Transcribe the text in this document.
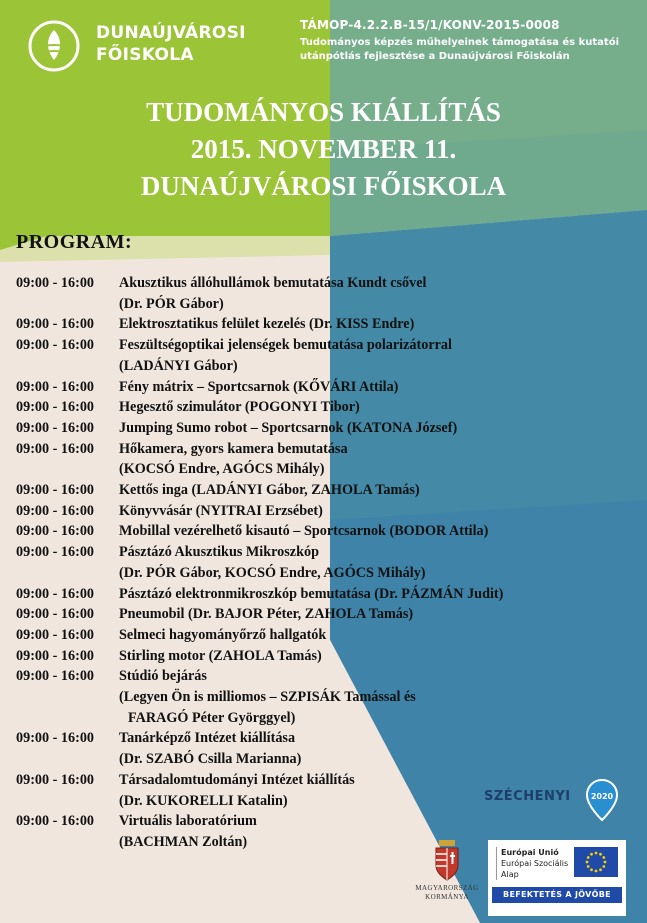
DUNAÚJVÁROSI
FŐISKOLA
TÁMOP-4.2.2.B-15/1/KONV-2015-0008
Tudományos képzés műhelyeinek támogatása és kutatói
utánpótlás fejlesztése a Dunaújvárosi Főiskolán
TUDOMÁNYOS KIÁLLÍTÁS
2015. NOVEMBER 11.
DUNAÚJVÁROSI FŐISKOLA
PROGRAM:
09:00 - 16:00	Akusztikus állóhullámok bemutatása Kundt csővel
(Dr. PÓR Gábor)
09:00 - 16:00	Elektrosztatikus felület kezelés (Dr. KISS Endre)
09:00 - 16:00	Feszültségoptikai jelenségek bemutatása polarizátorral
(LADÁNYI Gábor)
09:00 - 16:00	Fény mátrix – Sportcsarnok (KŐVÁRI Attila)
09:00 - 16:00	Hegesztő szimulátor (POGONYI Tibor)
09:00 - 16:00	Jumping Sumo robot – Sportcsarnok (KATONA József)
09:00 - 16:00	Hőkamera, gyors kamera bemutatása
(KOCSÓ Endre, AGÓCS Mihály)
09:00 - 16:00	Kettős inga (LADÁNYI Gábor, ZAHOLA Tamás)
09:00 - 16:00	Könyvvásár (NYITRAI Erzsébet)
09:00 - 16:00	Mobillal vezérelhető kisautó – Sportcsarnok (BODOR Attila)
09:00 - 16:00	Pásztázó Akusztikus Mikroszkóp
(Dr. PÓR Gábor, KOCSÓ Endre, AGÓCS Mihály)
09:00 - 16:00	Pásztázó elektronmikroszkóp bemutatása (Dr. PÁZMÁN Judit)
09:00 - 16:00	Pneumobil (Dr. BAJOR Péter, ZAHOLA Tamás)
09:00 - 16:00	Selmeci hagyományőrző hallgatók
09:00 - 16:00	Stirling motor (ZAHOLA Tamás)
09:00 - 16:00	Stúdió bejárás
(Legyen Ön is milliomos – SZPISÁK Tamással és
FARAGÓ Péter Györggyel)
09:00 - 16:00	Tanárképző Intézet kiállítása
(Dr. SZABÓ Csilla Marianna)
09:00 - 16:00	Társadalomtudományi Intézet kiállítás
(Dr. KUKORELLI Katalin)
09:00 - 16:00	Virtuális laboratórium
(BACHMAN Zoltán)
SZÉCHENYI	2020
MAGYARORSZÁG
KORMÁNYA
Európai Unió
Európai Szociális
Alap
BEFEKTETÉS A JÖVŐBE
